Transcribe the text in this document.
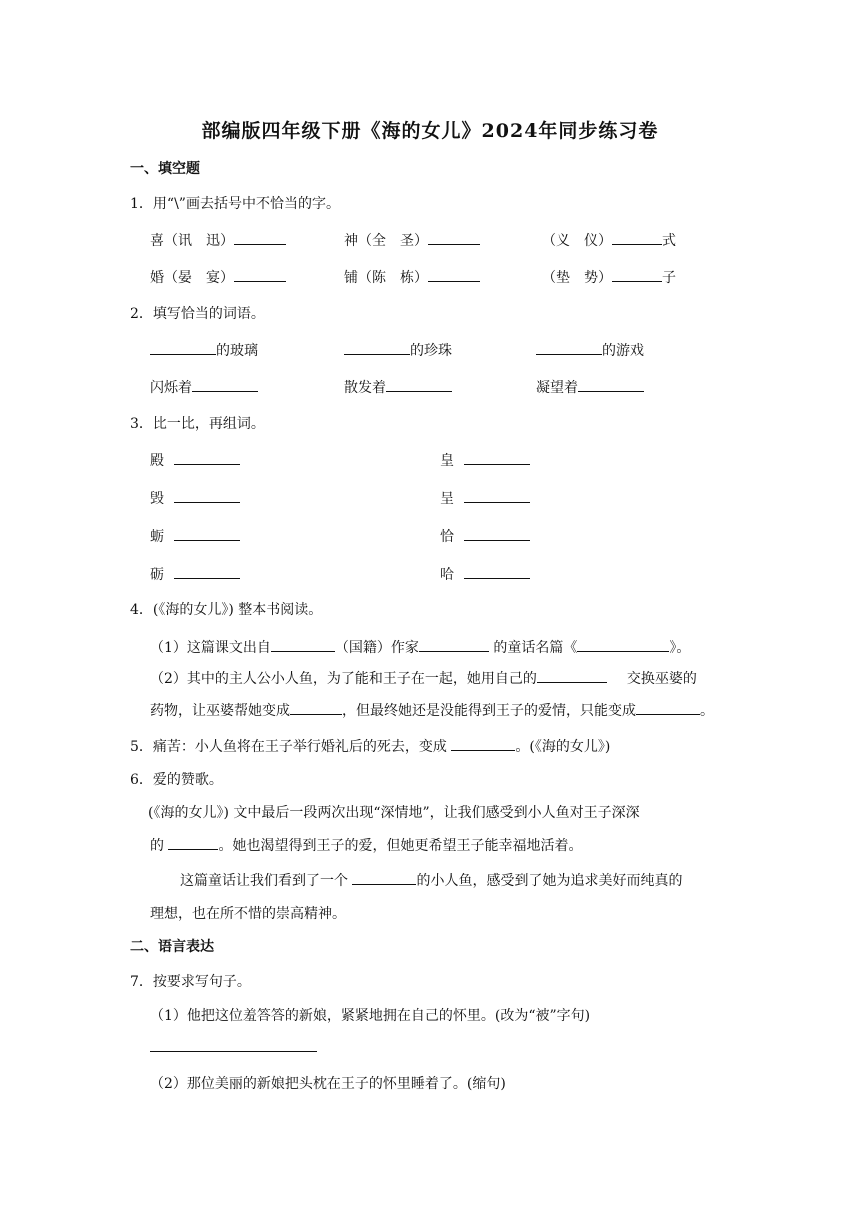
部编版四年级下册《海的女儿》2024年同步练习卷
一、填空题
1．用“\”画去括号中不恰当的字。
喜（讯　迅）	神（全　圣）	（义　仪）	式
婚（晏　宴）	铺（陈　栋）	（垫　势）	子
2．填写恰当的词语。
的玻璃	的珍珠	的游戏
闪烁着	散发着	凝望着
3．比一比，再组词。
殿	皇
毁	呈
蛎	恰
砺	哈
4．(《海的女儿》) 整本书阅读。
（1）这篇课文出自	（国籍）作家	的童话名篇《	》。
（2）其中的主人公小人鱼，为了能和王子在一起，她用自己的	交换巫婆的
药物，让巫婆帮她变成	，但最终她还是没能得到王子的爱情，只能变成	。
5．痛苦：小人鱼将在王子举行婚礼后的死去，变成	。(《海的女儿》)
6．爱的赞歌。
(《海的女儿》) 文中最后一段两次出现“深情地”，让我们感受到小人鱼对王子深深
的	。她也渴望得到王子的爱，但她更希望王子能幸福地活着。
这篇童话让我们看到了一个	的小人鱼，感受到了她为追求美好而纯真的
理想，也在所不惜的崇高精神。
二、语言表达
7．按要求写句子。
（1）他把这位羞答答的新娘，紧紧地拥在自己的怀里。(改为“被”字句)
（2）那位美丽的新娘把头枕在王子的怀里睡着了。(缩句)
